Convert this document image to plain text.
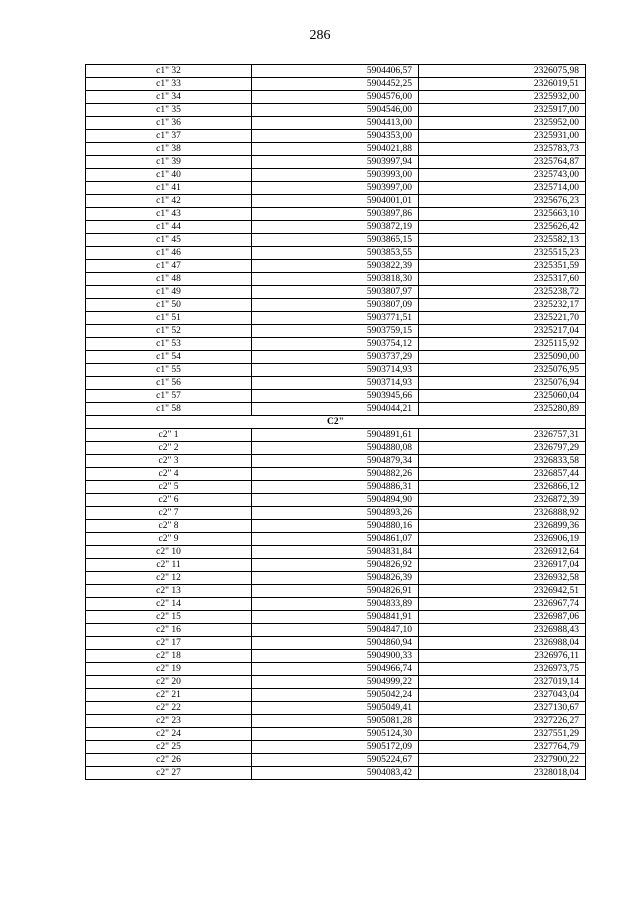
286
c1" 32	5904406,57	2326075,98
c1" 33	5904452,25	2326019,51
c1" 34	5904576,00	2325932,00
c1" 35	5904546,00	2325917,00
c1" 36	5904413,00	2325952,00
c1" 37	5904353,00	2325931,00
c1" 38	5904021,88	2325783,73
c1" 39	5903997,94	2325764,87
c1" 40	5903993,00	2325743,00
c1" 41	5903997,00	2325714,00
c1" 42	5904001,01	2325676,23
c1" 43	5903897,86	2325663,10
c1" 44	5903872,19	2325626,42
c1" 45	5903865,15	2325582,13
c1" 46	5903853,55	2325515,23
c1" 47	5903822,39	2325351,59
c1" 48	5903818,30	2325317,60
c1" 49	5903807,97	2325238,72
c1" 50	5903807,09	2325232,17
c1" 51	5903771,51	2325221,70
c1" 52	5903759,15	2325217,04
c1" 53	5903754,12	2325115,92
c1" 54	5903737,29	2325090,00
c1" 55	5903714,93	2325076,95
c1" 56	5903714,93	2325076,94
c1" 57	5903945,66	2325060,04
c1" 58	5904044,21	2325280,89
C2"		
c2" 1	5904891,61	2326757,31
c2" 2	5904880,08	2326797,29
c2" 3	5904879,34	2326833,58
c2" 4	5904882,26	2326857,44
c2" 5	5904886,31	2326866,12
c2" 6	5904894,90	2326872,39
c2" 7	5904893,26	2326888,92
c2" 8	5904880,16	2326899,36
c2" 9	5904861,07	2326906,19
c2" 10	5904831,84	2326912,64
c2" 11	5904826,92	2326917,04
c2" 12	5904826,39	2326932,58
c2" 13	5904826,91	2326942,51
c2" 14	5904833,89	2326967,74
c2" 15	5904841,91	2326987,06
c2" 16	5904847,10	2326988,43
c2" 17	5904860,94	2326988,04
c2" 18	5904900,33	2326976,11
c2" 19	5904966,74	2326973,75
c2" 20	5904999,22	2327019,14
c2" 21	5905042,24	2327043,04
c2" 22	5905049,41	2327130,67
c2" 23	5905081,28	2327226,27
c2" 24	5905124,30	2327551,29
c2" 25	5905172,09	2327764,79
c2" 26	5905224,67	2327900,22
c2" 27	5904083,42	2328018,04
